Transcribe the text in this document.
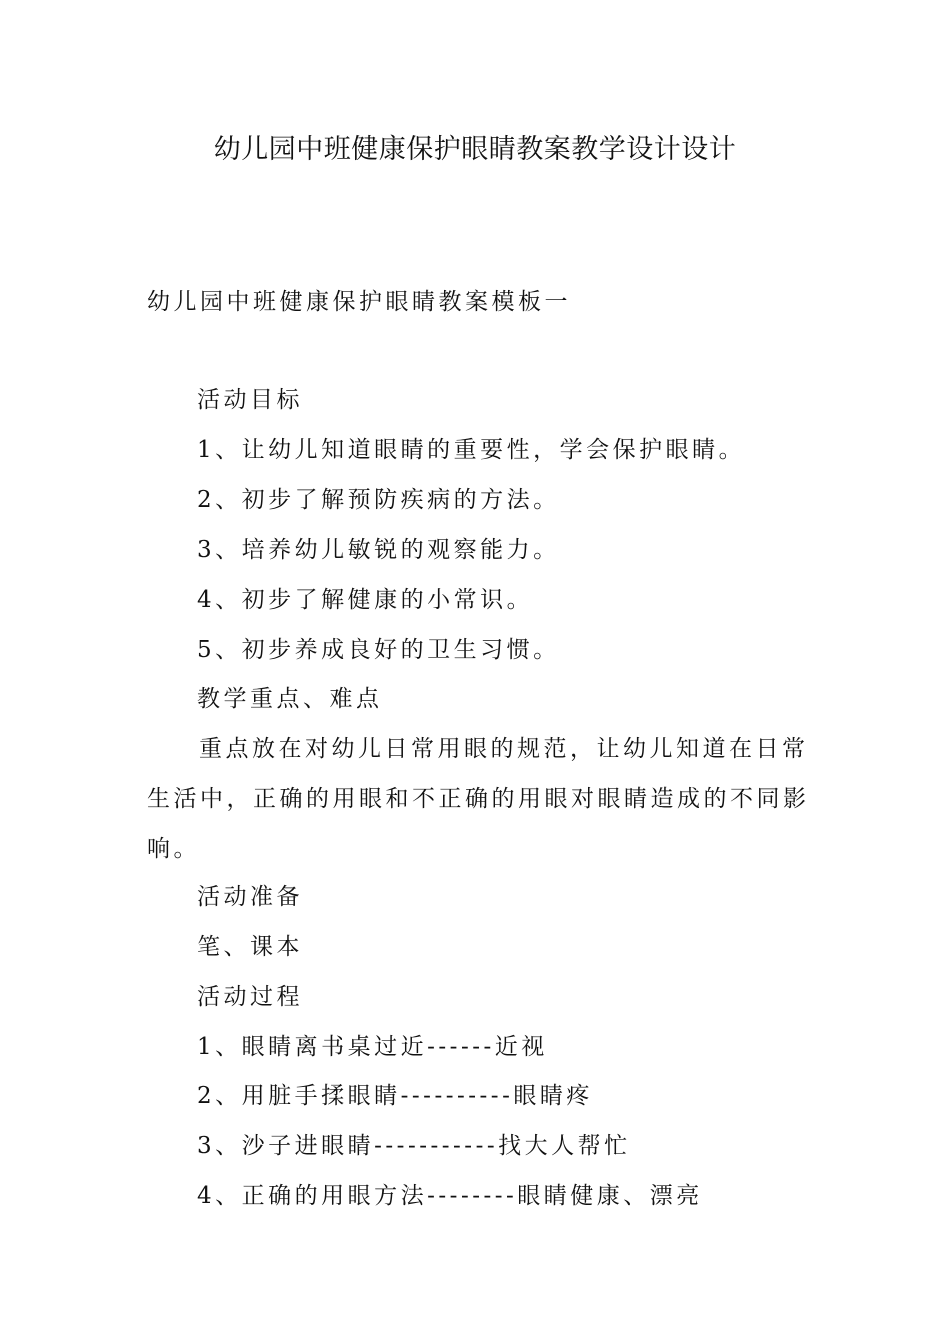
幼儿园中班健康保护眼睛教案教学设计设计

幼儿园中班健康保护眼睛教案模板一

活动目标

1、让幼儿知道眼睛的重要性，学会保护眼睛。

2、初步了解预防疾病的方法。

3、培养幼儿敏锐的观察能力。

4、初步了解健康的小常识。

5、初步养成良好的卫生习惯。

教学重点、难点

重点放在对幼儿日常用眼的规范，让幼儿知道在日常生活中，正确的用眼和不正确的用眼对眼睛造成的不同影响。

活动准备

笔、课本

活动过程

1、眼睛离书桌过近------近视

2、用脏手揉眼睛----------眼睛疼

3、沙子进眼睛-----------找大人帮忙

4、正确的用眼方法--------眼睛健康、漂亮
